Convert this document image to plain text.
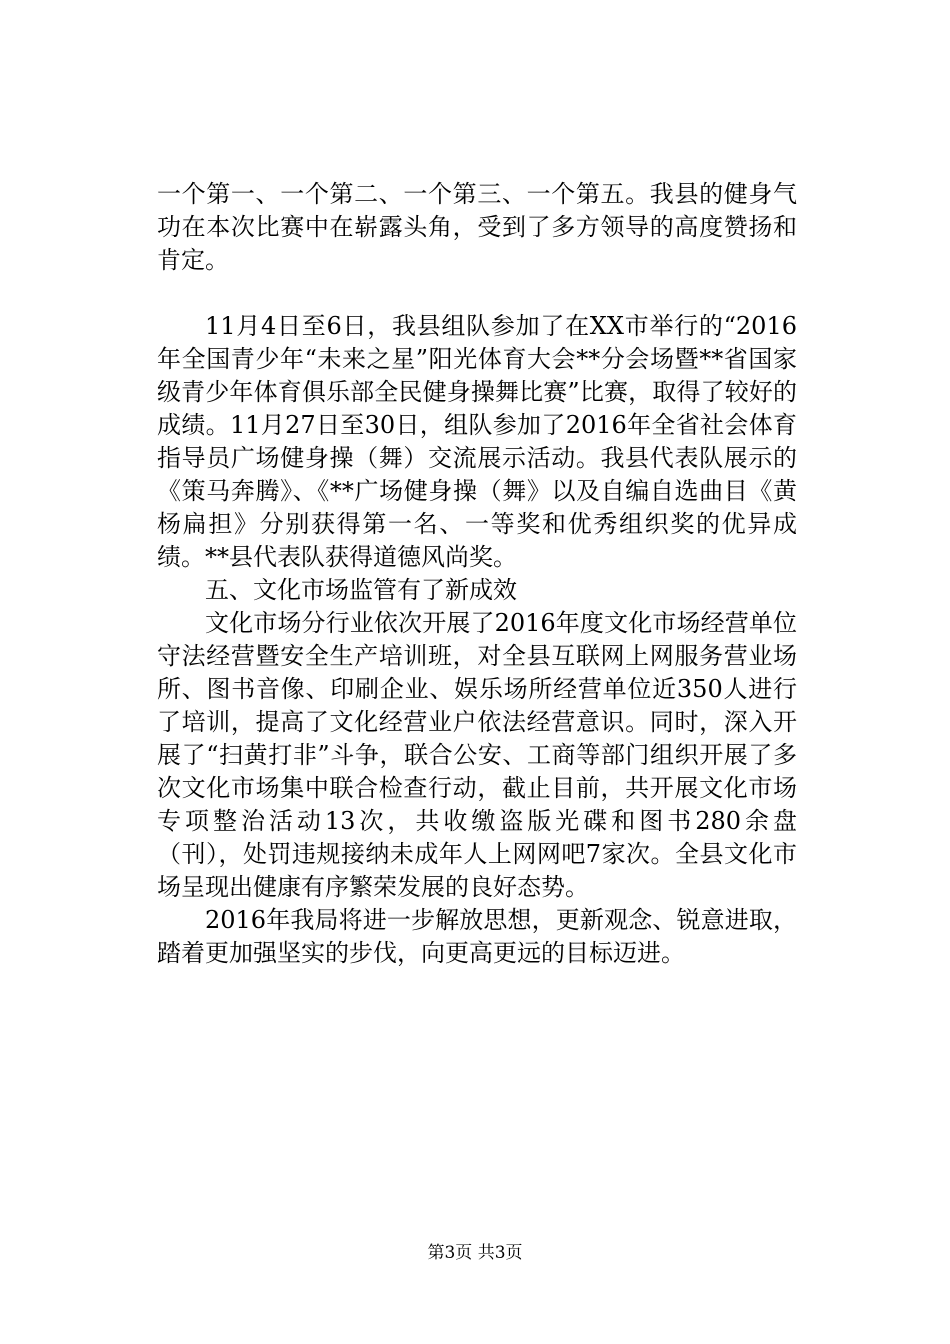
一个第一、一个第二、一个第三、一个第五。我县的健身气功在本次比赛中在崭露头角，受到了多方领导的高度赞扬和肯定。

11月4日至6日，我县组队参加了在XX市举行的“2016年全国青少年“未来之星”阳光体育大会**分会场暨**省国家级青少年体育俱乐部全民健身操舞比赛”比赛，取得了较好的成绩。11月27日至30日，组队参加了2016年全省社会体育指导员广场健身操（舞）交流展示活动。我县代表队展示的《策马奔腾》、《**广场健身操（舞》以及自编自选曲目《黄杨扁担》分别获得第一名、一等奖和优秀组织奖的优异成绩。**县代表队获得道德风尚奖。

五、文化市场监管有了新成效

文化市场分行业依次开展了2016年度文化市场经营单位守法经营暨安全生产培训班，对全县互联网上网服务营业场所、图书音像、印刷企业、娱乐场所经营单位近350人进行了培训，提高了文化经营业户依法经营意识。同时，深入开展了“扫黄打非”斗争，联合公安、工商等部门组织开展了多次文化市场集中联合检查行动，截止目前，共开展文化市场专项整治活动13次，共收缴盗版光碟和图书280余盘（刊），处罚违规接纳未成年人上网网吧7家次。全县文化市场呈现出健康有序繁荣发展的良好态势。

2016年我局将进一步解放思想，更新观念、锐意进取，踏着更加强坚实的步伐，向更高更远的目标迈进。

第3页 共3页
